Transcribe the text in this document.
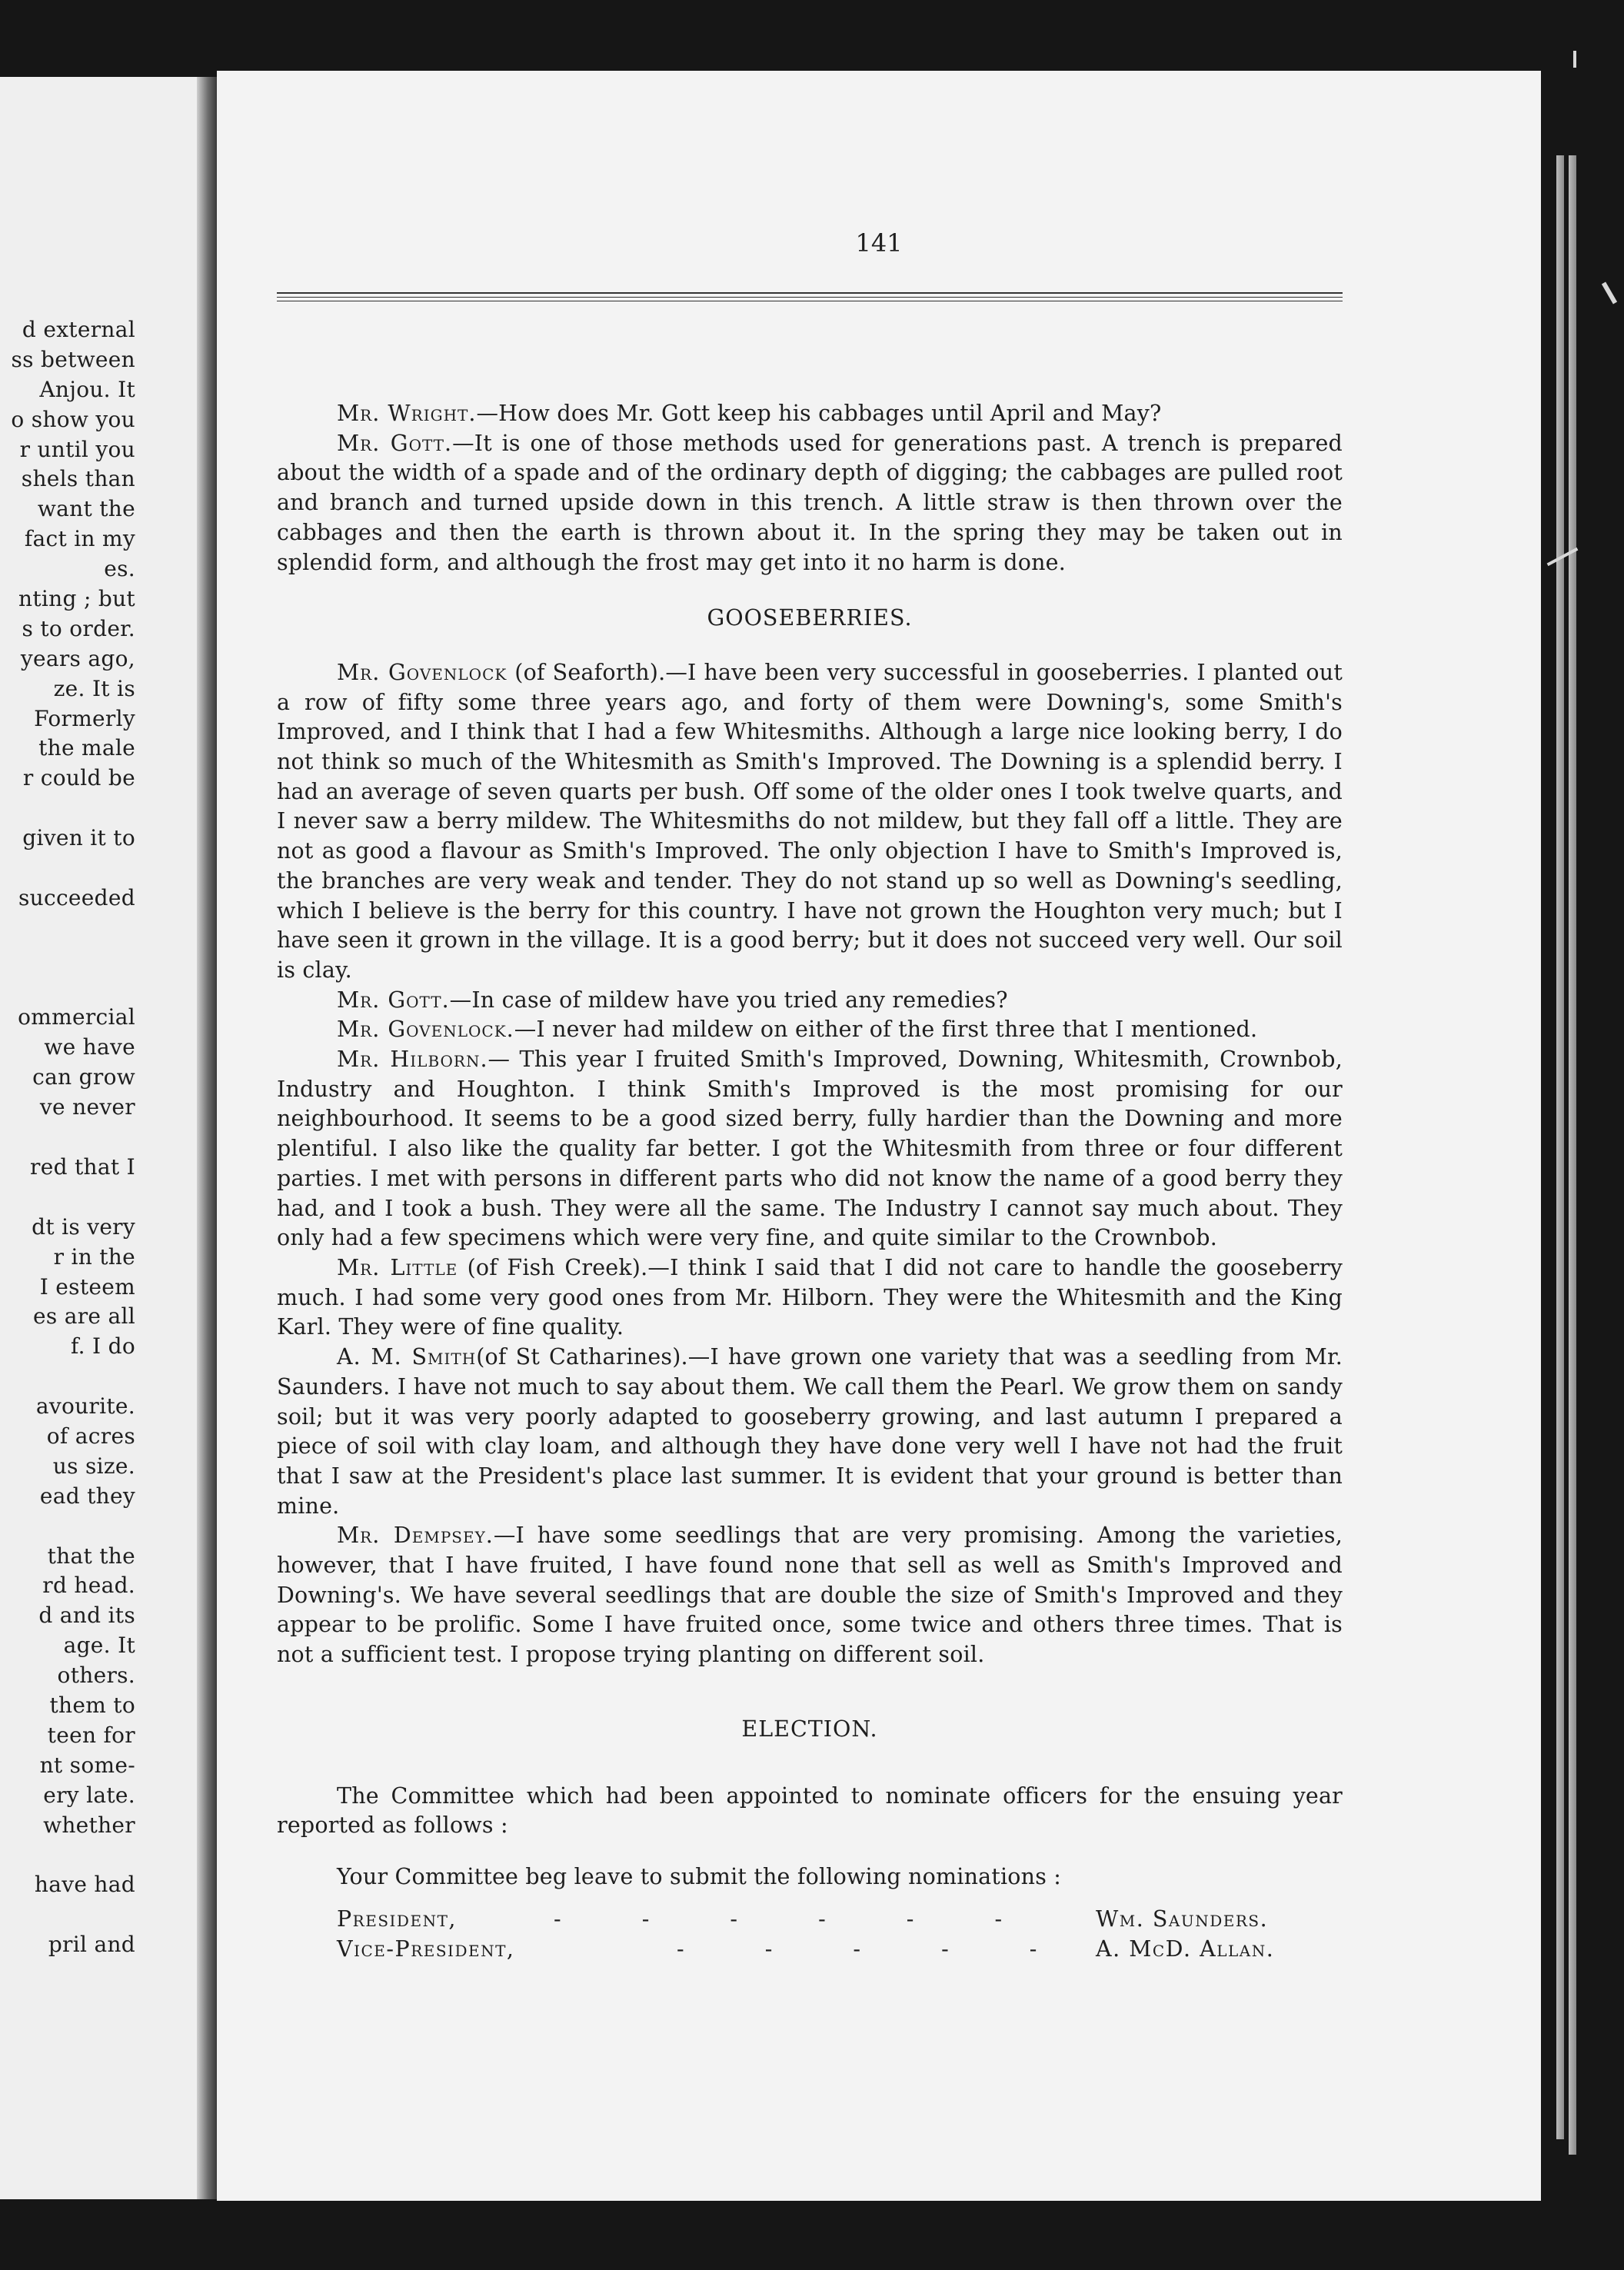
d external
ss between
Anjou. It
o show you
r until you
shels than
want the
fact in my
es.
nting ; but
s to order.
years ago,
ze. It is
Formerly
the male
r could be
given it to
succeeded
ommercial
we have
can grow
ve never
red that I
dt is very
r in the
I esteem
es are all
f. I do
avourite.
of acres
us size.
ead they
that the
rd head.
d and its
age. It
others.
them to
teen for
nt some-
ery late.
whether
have had
pril and
141

Mr. Wright.—How does Mr. Gott keep his cabbages until April and May?

Mr. Gott.—It is one of those methods used for generations past. A trench is prepared about the width of a spade and of the ordinary depth of digging; the cabbages are pulled root and branch and turned upside down in this trench. A little straw is then thrown over the cabbages and then the earth is thrown about it. In the spring they may be taken out in splendid form, and although the frost may get into it no harm is done.

GOOSEBERRIES.

Mr. Govenlock (of Seaforth).—I have been very successful in gooseberries. I planted out a row of fifty some three years ago, and forty of them were Downing's, some Smith's Improved, and I think that I had a few Whitesmiths. Although a large nice looking berry, I do not think so much of the Whitesmith as Smith's Improved. The Downing is a splendid berry. I had an average of seven quarts per bush. Off some of the older ones I took twelve quarts, and I never saw a berry mildew. The Whitesmiths do not mildew, but they fall off a little. They are not as good a flavour as Smith's Improved. The only objection I have to Smith's Improved is, the branches are very weak and tender. They do not stand up so well as Downing's seedling, which I believe is the berry for this country. I have not grown the Houghton very much; but I have seen it grown in the village. It is a good berry; but it does not succeed very well. Our soil is clay.

Mr. Gott.—In case of mildew have you tried any remedies?

Mr. Govenlock.—I never had mildew on either of the first three that I mentioned.

Mr. Hilborn.— This year I fruited Smith's Improved, Downing, Whitesmith, Crownbob, Industry and Houghton. I think Smith's Improved is the most promising for our neighbourhood. It seems to be a good sized berry, fully hardier than the Downing and more plentiful. I also like the quality far better. I got the Whitesmith from three or four different parties. I met with persons in different parts who did not know the name of a good berry they had, and I took a bush. They were all the same. The Industry I cannot say much about. They only had a few specimens which were very fine, and quite similar to the Crownbob.

Mr. Little (of Fish Creek).—I think I said that I did not care to handle the gooseberry much. I had some very good ones from Mr. Hilborn. They were the Whitesmith and the King Karl. They were of fine quality.

A. M. Smith(of St Catharines).—I have grown one variety that was a seedling from Mr. Saunders. I have not much to say about them. We call them the Pearl. We grow them on sandy soil; but it was very poorly adapted to gooseberry growing, and last autumn I prepared a piece of soil with clay loam, and although they have done very well I have not had the fruit that I saw at the President's place last summer. It is evident that your ground is better than mine.

Mr. Dempsey.—I have some seedlings that are very promising. Among the varieties, however, that I have fruited, I have found none that sell as well as Smith's Improved and Downing's. We have several seedlings that are double the size of Smith's Improved and they appear to be prolific. Some I have fruited once, some twice and others three times. That is not a sufficient test. I propose trying planting on different soil.

ELECTION.

The Committee which had been appointed to nominate officers for the ensuing year reported as follows :

Your Committee beg leave to submit the following nominations :

President,	- - - - - -	Wm. Saunders.
Vice-President,	- - - - -	A. McD. Allan.
